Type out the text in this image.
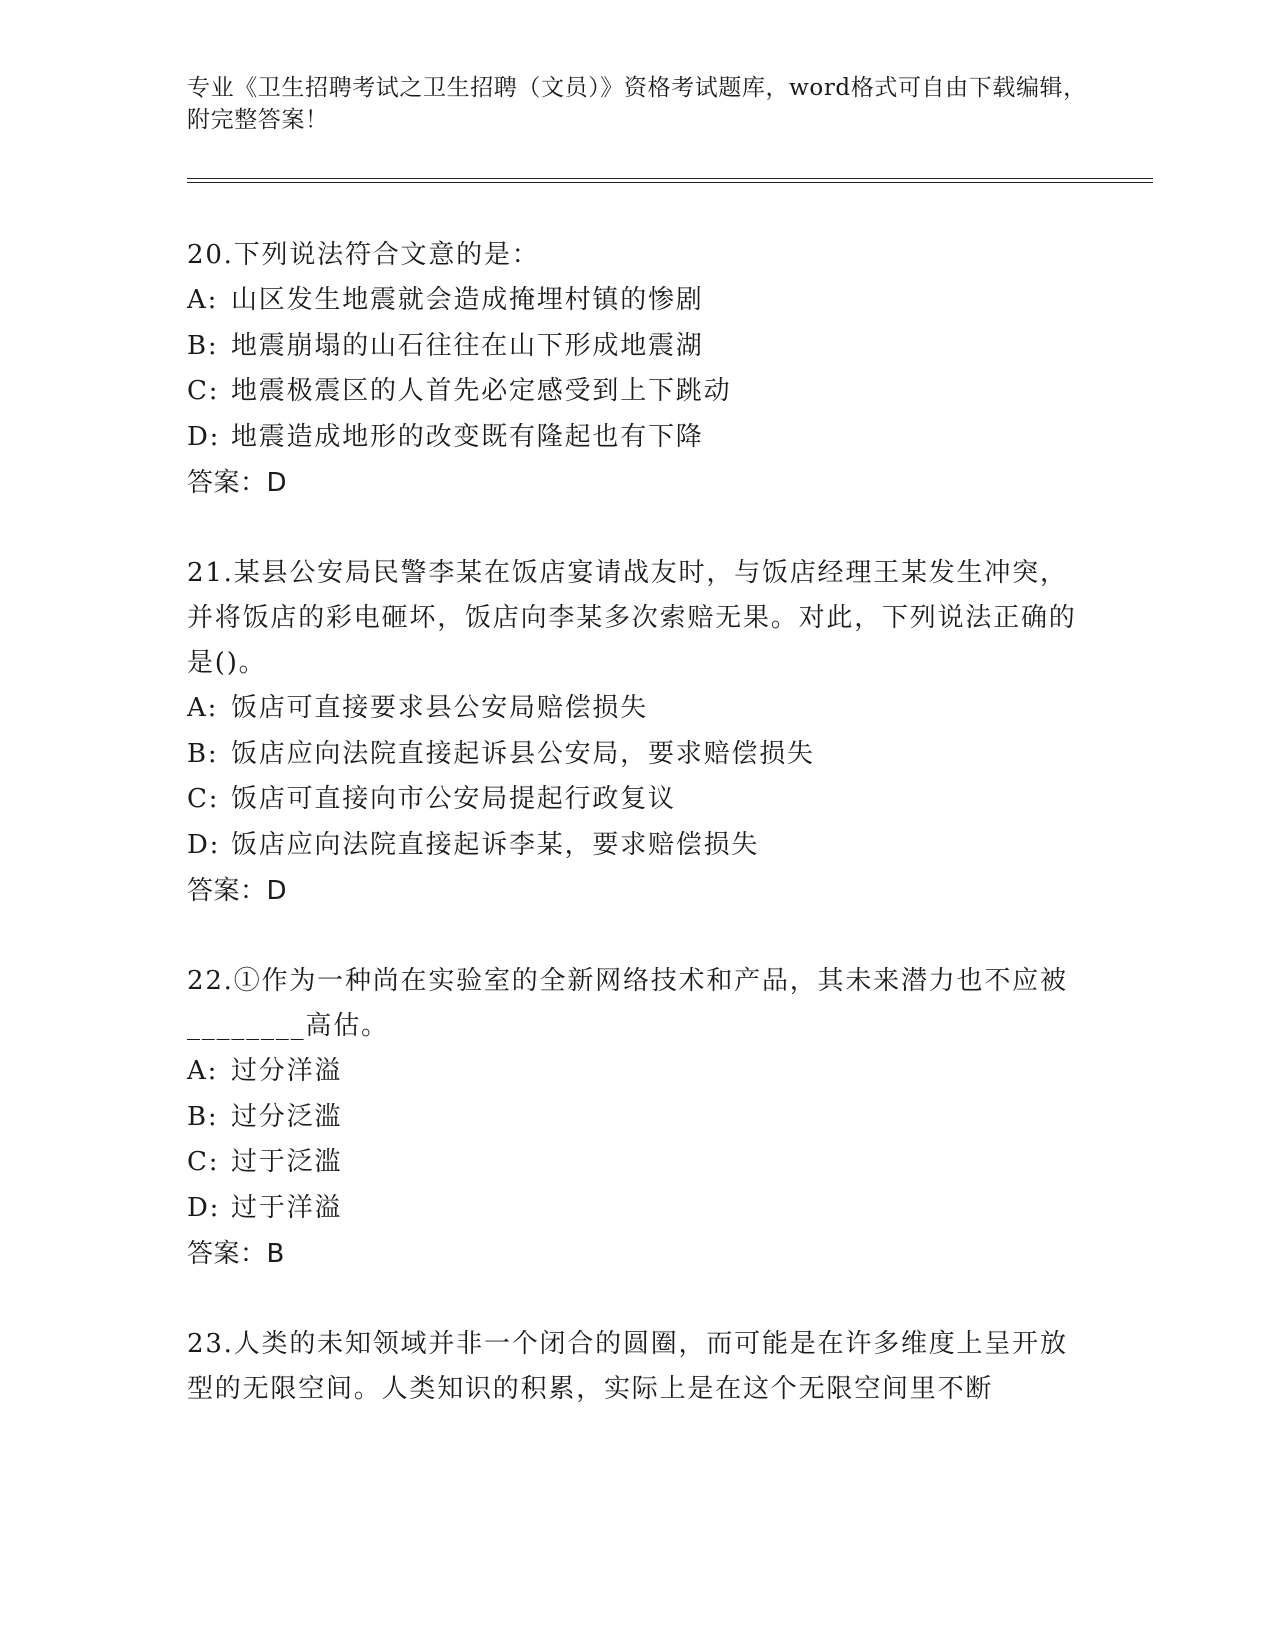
专业《卫生招聘考试之卫生招聘（文员）》资格考试题库，word格式可自由下载编辑，附完整答案！
20.下列说法符合文意的是：
A: 山区发生地震就会造成掩埋村镇的惨剧
B: 地震崩塌的山石往往在山下形成地震湖
C: 地震极震区的人首先必定感受到上下跳动
D: 地震造成地形的改变既有隆起也有下降
答案：D
21.某县公安局民警李某在饭店宴请战友时，与饭店经理王某发生冲突，并将饭店的彩电砸坏，饭店向李某多次索赔无果。对此，下列说法正确的是()。
A: 饭店可直接要求县公安局赔偿损失
B: 饭店应向法院直接起诉县公安局，要求赔偿损失
C: 饭店可直接向市公安局提起行政复议
D: 饭店应向法院直接起诉李某，要求赔偿损失
答案：D
22.①作为一种尚在实验室的全新网络技术和产品，其未来潜力也不应被________高估。
A: 过分洋溢
B: 过分泛滥
C: 过于泛滥
D: 过于洋溢
答案：B
23.人类的未知领域并非一个闭合的圆圈，而可能是在许多维度上呈开放型的无限空间。人类知识的积累，实际上是在这个无限空间里不断
